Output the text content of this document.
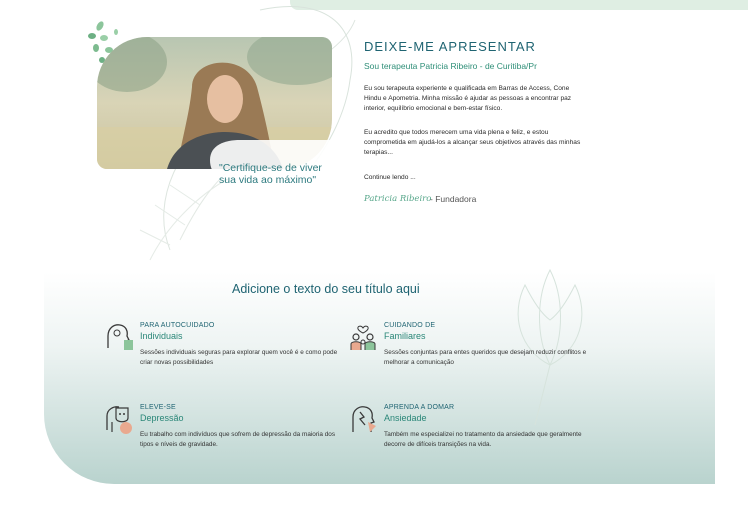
"Certifique-se de viver sua vida ao máximo"
DEIXE-ME APRESENTAR
Sou terapeuta Patricia Ribeiro - de Curitiba/Pr
Eu sou terapeuta experiente e qualificada em Barras de Access, Cone Hindu e Apometria. Minha missão é ajudar as pessoas a encontrar paz interior, equilíbrio emocional e bem-estar físico.
Eu acredito que todos merecem uma vida plena e feliz, e estou comprometida em ajudá-los a alcançar seus objetivos através das minhas terapias...
Continue lendo ...
Patricia Ribeiro
- Fundadora
Adicione o texto do seu título aqui
PARA AUTOCUIDADO
Individuais
Sessões individuais seguras para explorar quem você é e como pode criar novas possibilidades
CUIDANDO DE
Familiares
Sessões conjuntas para entes queridos que desejam reduzir conflitos e melhorar a comunicação
ELEVE-SE
Depressão
Eu trabalho com indivíduos que sofrem de depressão da maioria dos tipos e níveis de gravidade.
APRENDA A DOMAR
Ansiedade
Também me especializei no tratamento da ansiedade que geralmente decorre de difíceis transições na vida.
